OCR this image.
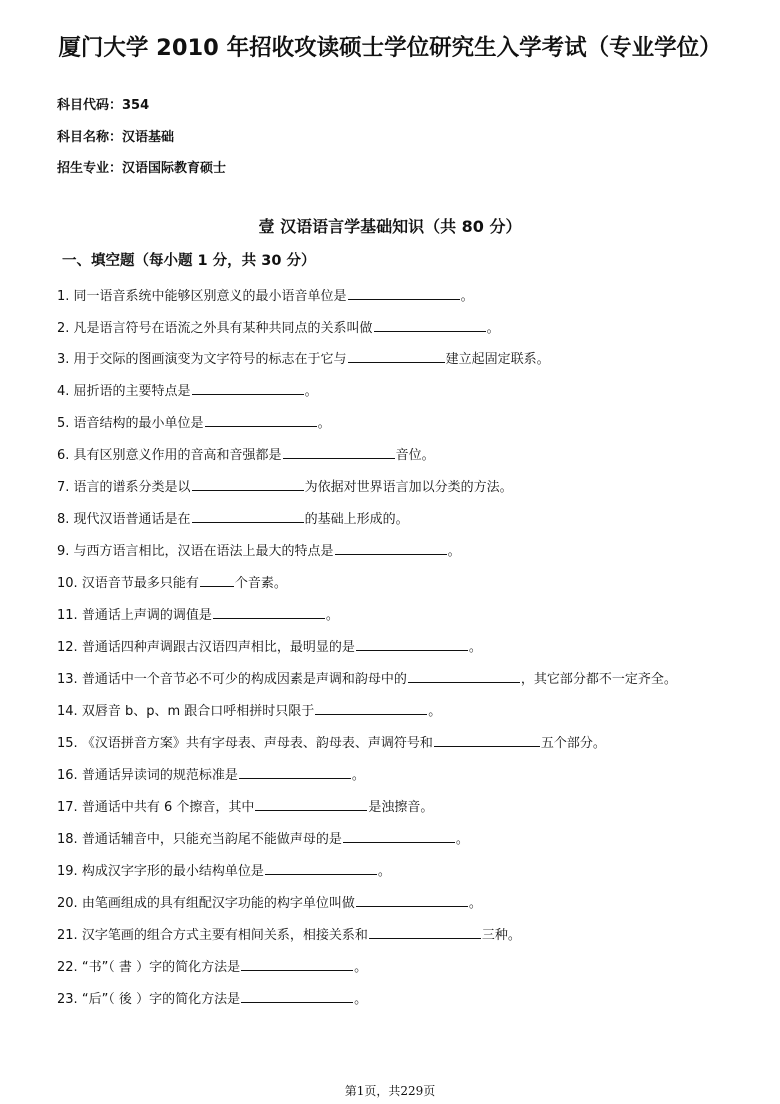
厦门大学 2010 年招收攻读硕士学位研究生入学考试（专业学位）
科目代码：354
科目名称：汉语基础
招生专业：汉语国际教育硕士
壹 汉语语言学基础知识（共 80 分）
一、填空题（每小题 1 分，共 30 分）
1. 同一语音系统中能够区别意义的最小语音单位是	。
2. 凡是语言符号在语流之外具有某种共同点的关系叫做	。
3. 用于交际的图画演变为文字符号的标志在于它与	建立起固定联系。
4. 屈折语的主要特点是	。
5. 语音结构的最小单位是	。
6. 具有区别意义作用的音高和音强都是	音位。
7. 语言的谱系分类是以	为依据对世界语言加以分类的方法。
8. 现代汉语普通话是在	的基础上形成的。
9. 与西方语言相比，汉语在语法上最大的特点是	。
10. 汉语音节最多只能有	个音素。
11. 普通话上声调的调值是	。
12. 普通话四种声调跟古汉语四声相比，最明显的是	。
13. 普通话中一个音节必不可少的构成因素是声调和韵母中的	，其它部分都不一定齐全。
14. 双唇音 b、p、m 跟合口呼相拼时只限于	。
15. 《汉语拼音方案》共有字母表、声母表、韵母表、声调符号和	五个部分。
16. 普通话异读词的规范标准是	。
17. 普通话中共有 6 个擦音，其中	是浊擦音。
18. 普通话辅音中，只能充当韵尾不能做声母的是	。
19. 构成汉字字形的最小结构单位是	。
20. 由笔画组成的具有组配汉字功能的构字单位叫做	。
21. 汉字笔画的组合方式主要有相间关系，相接关系和	三种。
22. “书”（ 書 ）字的简化方法是	。
23. “后”（ 後 ）字的简化方法是	。
第1页，共229页
